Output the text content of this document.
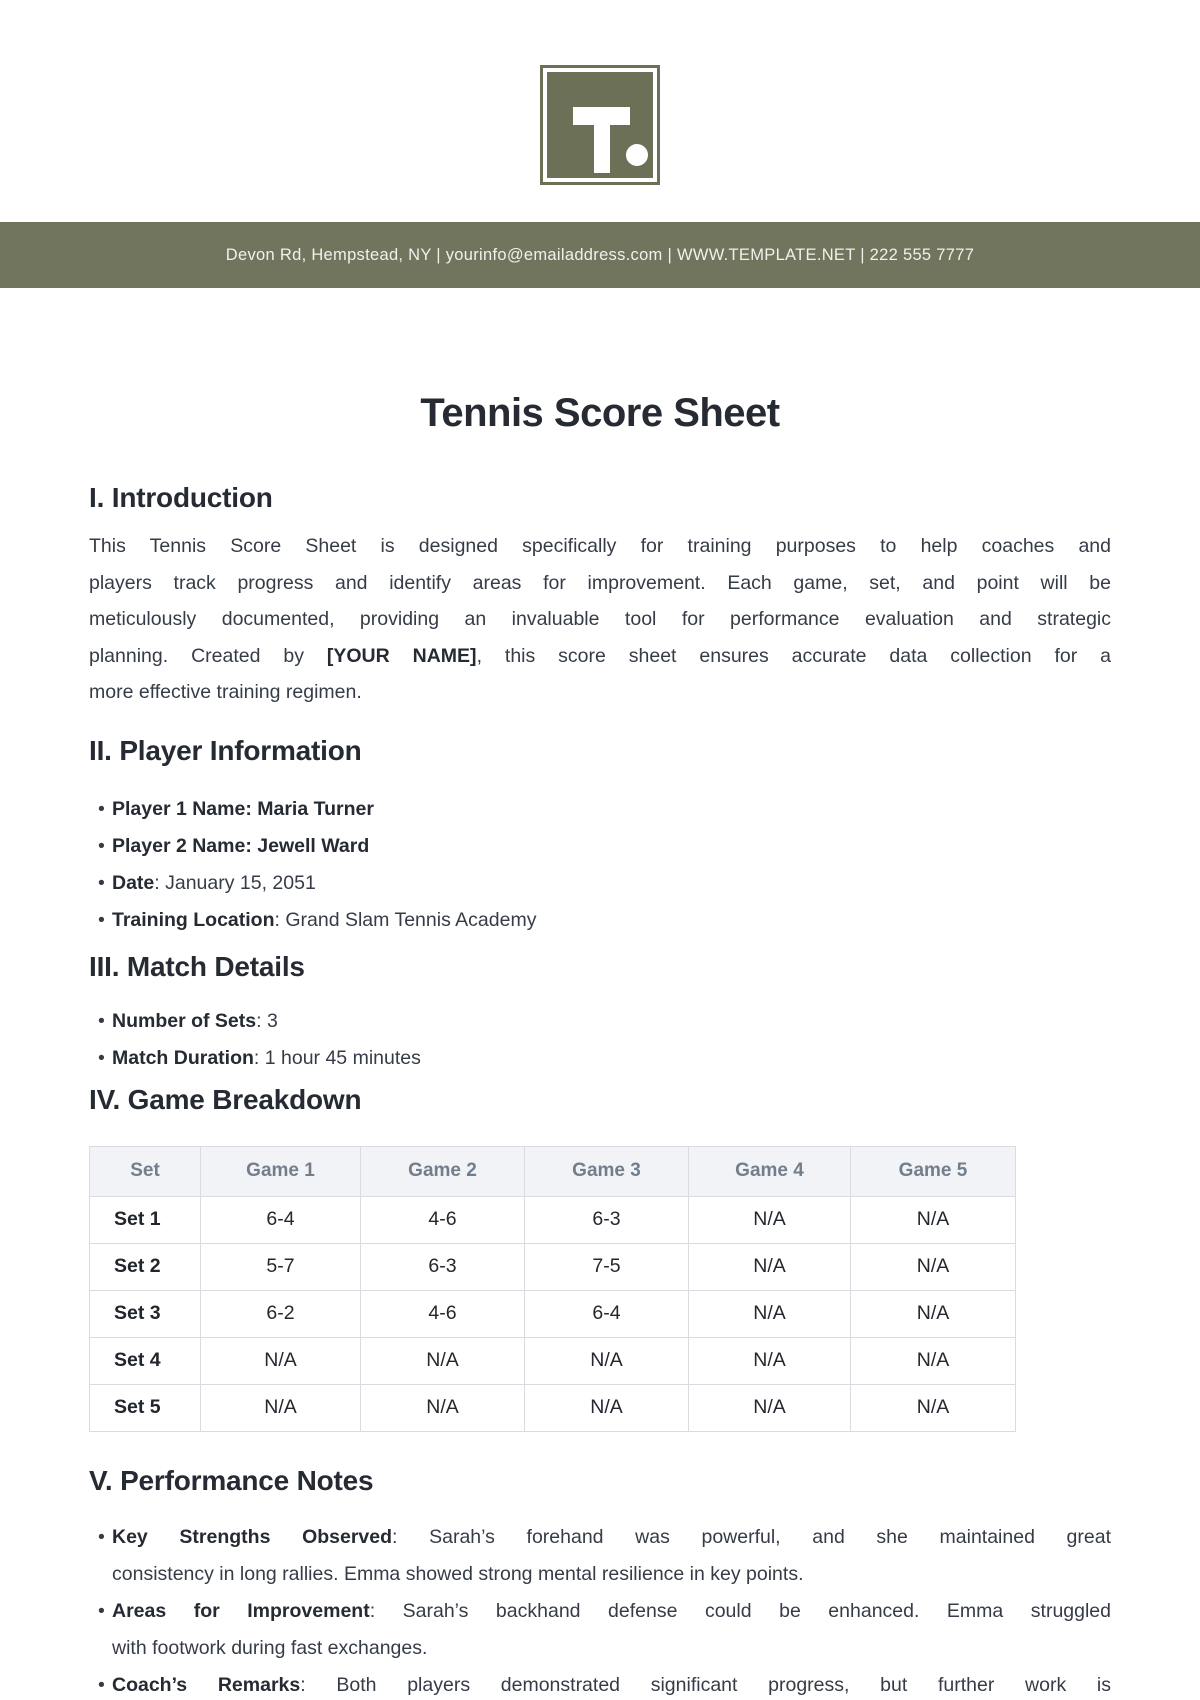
Devon Rd, Hempstead, NY | yourinfo@emailaddress.com | WWW.TEMPLATE.NET | 222 555 7777
Tennis Score Sheet
I. Introduction
This Tennis Score Sheet is designed specifically for training purposes to help coaches and
players track progress and identify areas for improvement. Each game, set, and point will be
meticulously documented, providing an invaluable tool for performance evaluation and strategic
planning. Created by [YOUR NAME], this score sheet ensures accurate data collection for a
more effective training regimen.
II. Player Information
• Player 1 Name: Maria Turner
• Player 2 Name: Jewell Ward
• Date: January 15, 2051
• Training Location: Grand Slam Tennis Academy
III. Match Details
• Number of Sets: 3
• Match Duration: 1 hour 45 minutes
IV. Game Breakdown
Set	Game 1	Game 2	Game 3	Game 4	Game 5
Set 1	6-4	4-6	6-3	N/A	N/A
Set 2	5-7	6-3	7-5	N/A	N/A
Set 3	6-2	4-6	6-4	N/A	N/A
Set 4	N/A	N/A	N/A	N/A	N/A
Set 5	N/A	N/A	N/A	N/A	N/A
V. Performance Notes
• Key Strengths Observed: Sarah’s forehand was powerful, and she maintained great
consistency in long rallies. Emma showed strong mental resilience in key points.
• Areas for Improvement: Sarah’s backhand defense could be enhanced. Emma struggled
with footwork during fast exchanges.
• Coach’s Remarks: Both players demonstrated significant progress, but further work is
